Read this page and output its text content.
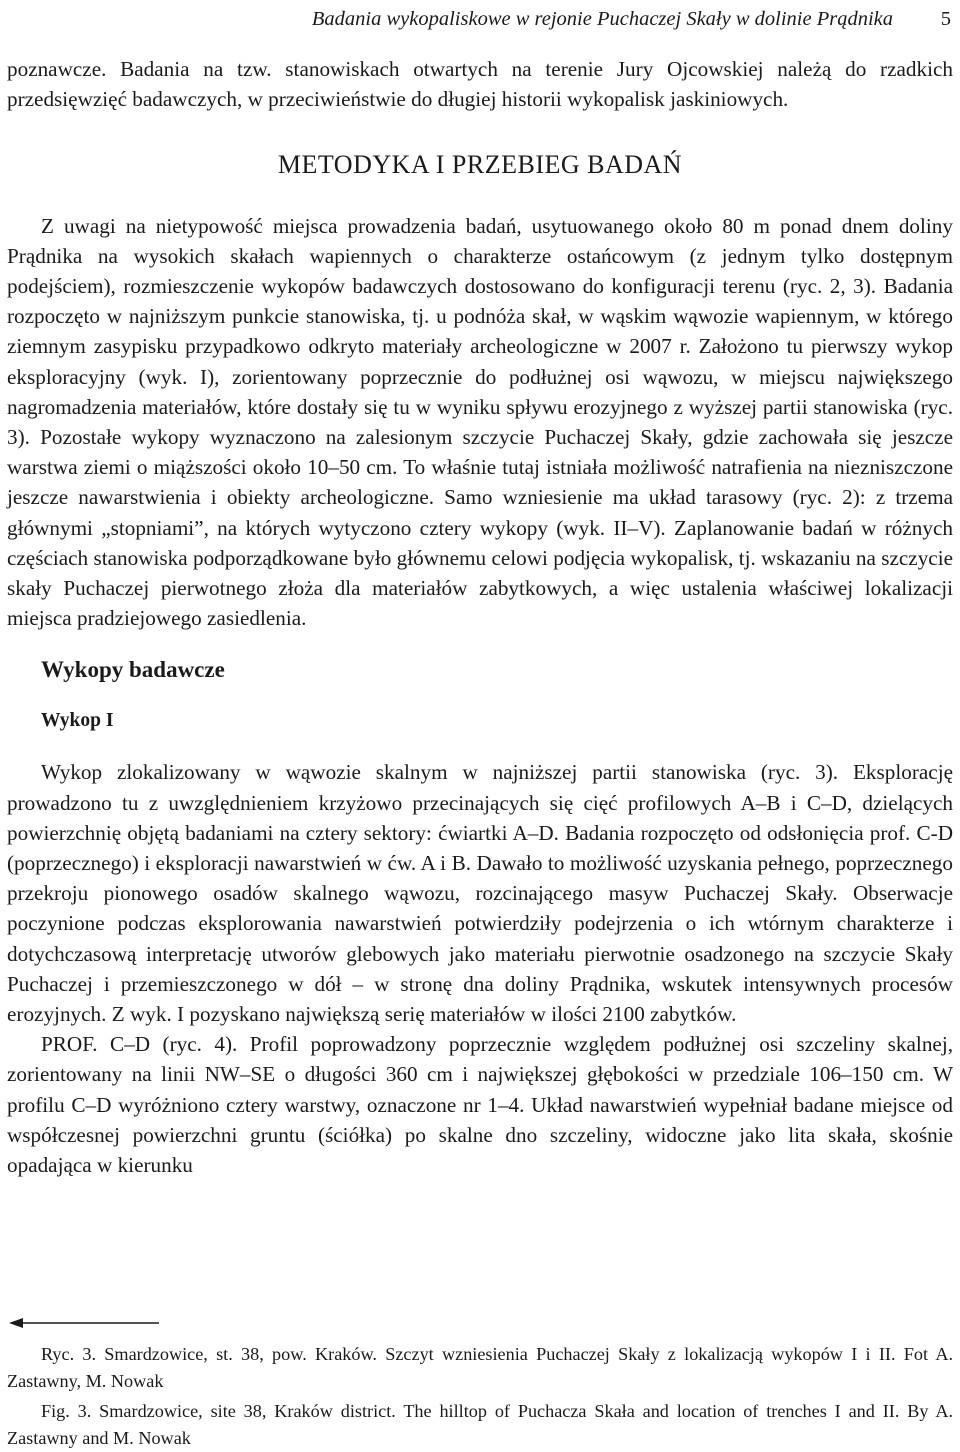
Badania wykopaliskowe w rejonie Puchaczej Skały w dolinie Prądnika 5

poznawcze. Badania na tzw. stanowiskach otwartych na terenie Jury Ojcowskiej należą do rzadkich przedsięwzięć badawczych, w przeciwieństwie do długiej historii wykopalisk jaskiniowych.

METODYKA I PRZEBIEG BADAŃ

Z uwagi na nietypowość miejsca prowadzenia badań, usytuowanego około 80 m ponad dnem doliny Prądnika na wysokich skałach wapiennych o charakterze ostańcowym (z jednym tylko dostępnym podejściem), rozmieszczenie wykopów badawczych dostosowano do konfiguracji terenu (ryc. 2, 3). Badania rozpoczęto w najniższym punkcie stanowiska, tj. u podnóża skał, w wąskim wąwozie wapiennym, w którego ziemnym zasypisku przypadkowo odkryto materiały archeologiczne w 2007 r. Założono tu pierwszy wykop eksploracyjny (wyk. I), zorientowany poprzecznie do podłużnej osi wąwozu, w miejscu największego nagromadzenia materiałów, które dostały się tu w wyniku spływu erozyjnego z wyższej partii stanowiska (ryc. 3). Pozostałe wykopy wyznaczono na zalesionym szczycie Puchaczej Skały, gdzie zachowała się jeszcze warstwa ziemi o miąższości około 10–50 cm. To właśnie tutaj istniała możliwość natrafienia na niezniszczone jeszcze nawarstwienia i obiekty archeologiczne. Samo wzniesienie ma układ tarasowy (ryc. 2): z trzema głównymi „stopniami”, na których wytyczono cztery wykopy (wyk. II–V). Zaplanowanie badań w różnych częściach stanowiska podporządkowane było głównemu celowi podjęcia wykopalisk, tj. wskazaniu na szczycie skały Puchaczej pierwotnego złoża dla materiałów zabytkowych, a więc ustalenia właściwej lokalizacji miejsca pradziejowego zasiedlenia.

Wykopy badawcze

Wykop I

Wykop zlokalizowany w wąwozie skalnym w najniższej partii stanowiska (ryc. 3). Eksplorację prowadzono tu z uwzględnieniem krzyżowo przecinających się cięć profilowych A–B i C–D, dzielących powierzchnię objętą badaniami na cztery sektory: ćwiartki A–D. Badania rozpoczęto od odsłonięcia prof. C-D (poprzecznego) i eksploracji nawarstwień w ćw. A i B. Dawało to możliwość uzyskania pełnego, poprzecznego przekroju pionowego osadów skalnego wąwozu, rozcinającego masyw Puchaczej Skały. Obserwacje poczynione podczas eksplorowania nawarstwień potwierdziły podejrzenia o ich wtórnym charakterze i dotychczasową interpretację utworów glebowych jako materiału pierwotnie osadzonego na szczycie Skały Puchaczej i przemieszczonego w dół – w stronę dna doliny Prądnika, wskutek intensywnych procesów erozyjnych. Z wyk. I pozyskano największą serię materiałów w ilości 2100 zabytków.

PROF. C–D (ryc. 4). Profil poprowadzony poprzecznie względem podłużnej osi szczeliny skalnej, zorientowany na linii NW–SE o długości 360 cm i największej głębokości w przedziale 106–150 cm. W profilu C–D wyróżniono cztery warstwy, oznaczone nr 1–4. Układ nawarstwień wypełniał badane miejsce od współczesnej powierzchni gruntu (ściółka) po skalne dno szczeliny, widoczne jako lita skała, skośnie opadająca w kierunku

Ryc. 3. Smardzowice, st. 38, pow. Kraków. Szczyt wzniesienia Puchaczej Skały z lokalizacją wykopów I i II. Fot A. Zastawny, M. Nowak

Fig. 3. Smardzowice, site 38, Kraków district. The hilltop of Puchacza Skała and location of trenches I and II. By A. Zastawny and M. Nowak
